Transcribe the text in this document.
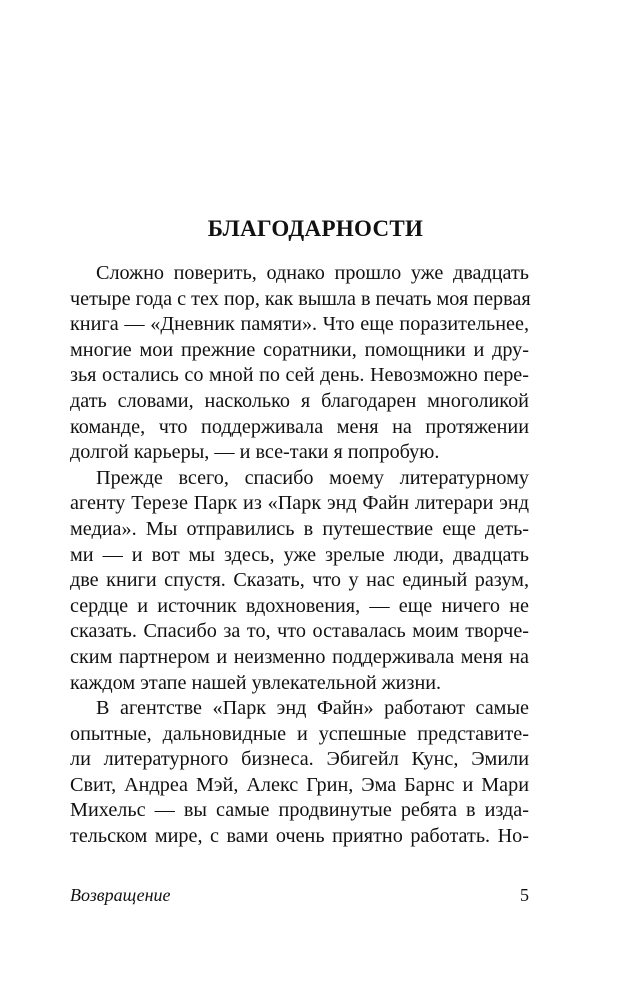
БЛАГОДАРНОСТИ
Сложно поверить, однако прошло уже двадцать
четыре года с тех пор, как вышла в печать моя первая
книга — «Дневник памяти». Что еще поразительнее,
многие мои прежние соратники, помощники и дру-
зья остались со мной по сей день. Невозможно пере-
дать словами, насколько я благодарен многоликой
команде, что поддерживала меня на протяжении
долгой карьеры, — и все-таки я попробую.
Прежде всего, спасибо моему литературному
агенту Терезе Парк из «Парк энд Файн литерари энд
медиа». Мы отправились в путешествие еще деть-
ми — и вот мы здесь, уже зрелые люди, двадцать
две книги спустя. Сказать, что у нас единый разум,
сердце и источник вдохновения, — еще ничего не
сказать. Спасибо за то, что оставалась моим творче-
ским партнером и неизменно поддерживала меня на
каждом этапе нашей увлекательной жизни.
В агентстве «Парк энд Файн» работают самые
опытные, дальновидные и успешные представите-
ли литературного бизнеса. Эбигейл Кунс, Эмили
Свит, Андреа Мэй, Алекс Грин, Эма Барнс и Мари
Михельс — вы самые продвинутые ребята в изда-
тельском мире, с вами очень приятно работать. Но-
Возвращение	5
